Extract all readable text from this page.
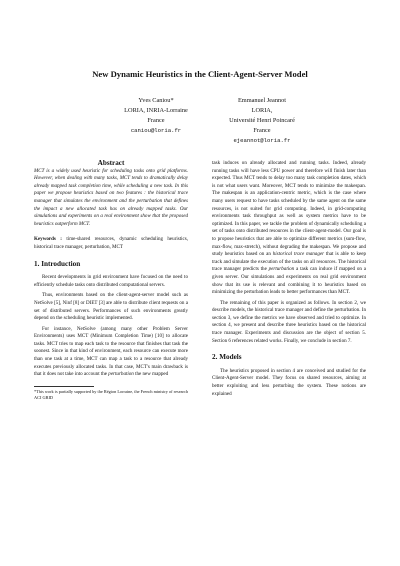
New Dynamic Heuristics in the Client-Agent-Server Model
Yves Caniou*
LORIA, INRIA-Lorraine
France
caniou@loria.fr
Emmanuel Jeannot
LORIA,
Université Henri Poincaré
France
ejeannot@loria.fr

Abstract

MCT is a widely used heuristic for scheduling tasks onto grid platforms. However, when dealing with many tasks, MCT tends to dramatically delay already mapped task completion time, while scheduling a new task. In this paper we propose heuristics based on two features : the historical trace manager that simulates the environment and the perturbation that defines the impact a new allocated task has on already mapped tasks. Our simulations and experiments on a real environment show that the proposed heuristics outperform MCT.

Keywords : time-shared resources, dynamic scheduling heuristics, historical trace manager, perturbation, MCT

1. Introduction

Recent developments in grid environment have focused on the need to efficiently schedule tasks onto distributed computational servers.

Thus, environments based on the client-agent-server model such as NetSolve [5], Ninf [8] or DIET [3] are able to distribute client requests on a set of distributed servers. Performances of such environments greatly depend on the scheduling heuristic implemented.

For instance, NetSolve (among many other Problem Server Environments) uses MCT (Minimum Completion Time) [10] to allocate tasks. MCT tries to map each task to the resource that finishes that task the soonest. Since in that kind of environment, each resource can execute more than one task at a time, MCT can map a task to a resource that already executes previously allocated tasks. In that case, MCT's main drawback is that it does not take into account the perturbation the new mapped

*This work is partially supported by the Région Lorraine, the French ministry of research ACI GRID

task induces on already allocated and running tasks. Indeed, already running tasks will have less CPU power and therefore will finish later than expected. Thus MCT tends to delay too many task completion dates, which is not what users want. Moreover, MCT tends to minimize the makespan. The makespan is an application-centric metric, which is the case where many users request to have tasks scheduled by the same agent on the same resources, is not suited for grid computing. Indeed, in grid-computing environments task throughput as well as system metrics have to be optimized. In this paper, we tackle the problem of dynamically scheduling a set of tasks onto distributed resources in the client-agent-model. Our goal is to propose heuristics that are able to optimize different metrics (sum-flow, max-flow, max-stretch), without degrading the makespan. We propose and study heuristics based on an historical trace manager that is able to keep track and simulate the execution of the tasks on all resources. The historical trace manager predicts the perturbation a task can induce if mapped on a given server. Our simulations and experiments on real grid environment show that its use is relevant and combining it to heuristics based on minimizing the perturbation leads to better performances than MCT.

The remaining of this paper is organized as follows. In section 2, we describe models, the historical trace manager and define the perturbation. In section 3, we define the metrics we have observed and tried to optimize. In section 4, we present and describe three heuristics based on the historical trace manager. Experiments and discussion are the object of section 5. Section 6 references related works. Finally, we conclude in section 7.

2. Models

The heuristics proposed in section 4 are conceived and studied for the Client-Agent-Server model. They focus on shared resources, aiming at better exploiting and less perturbing the system. These notions are explained
